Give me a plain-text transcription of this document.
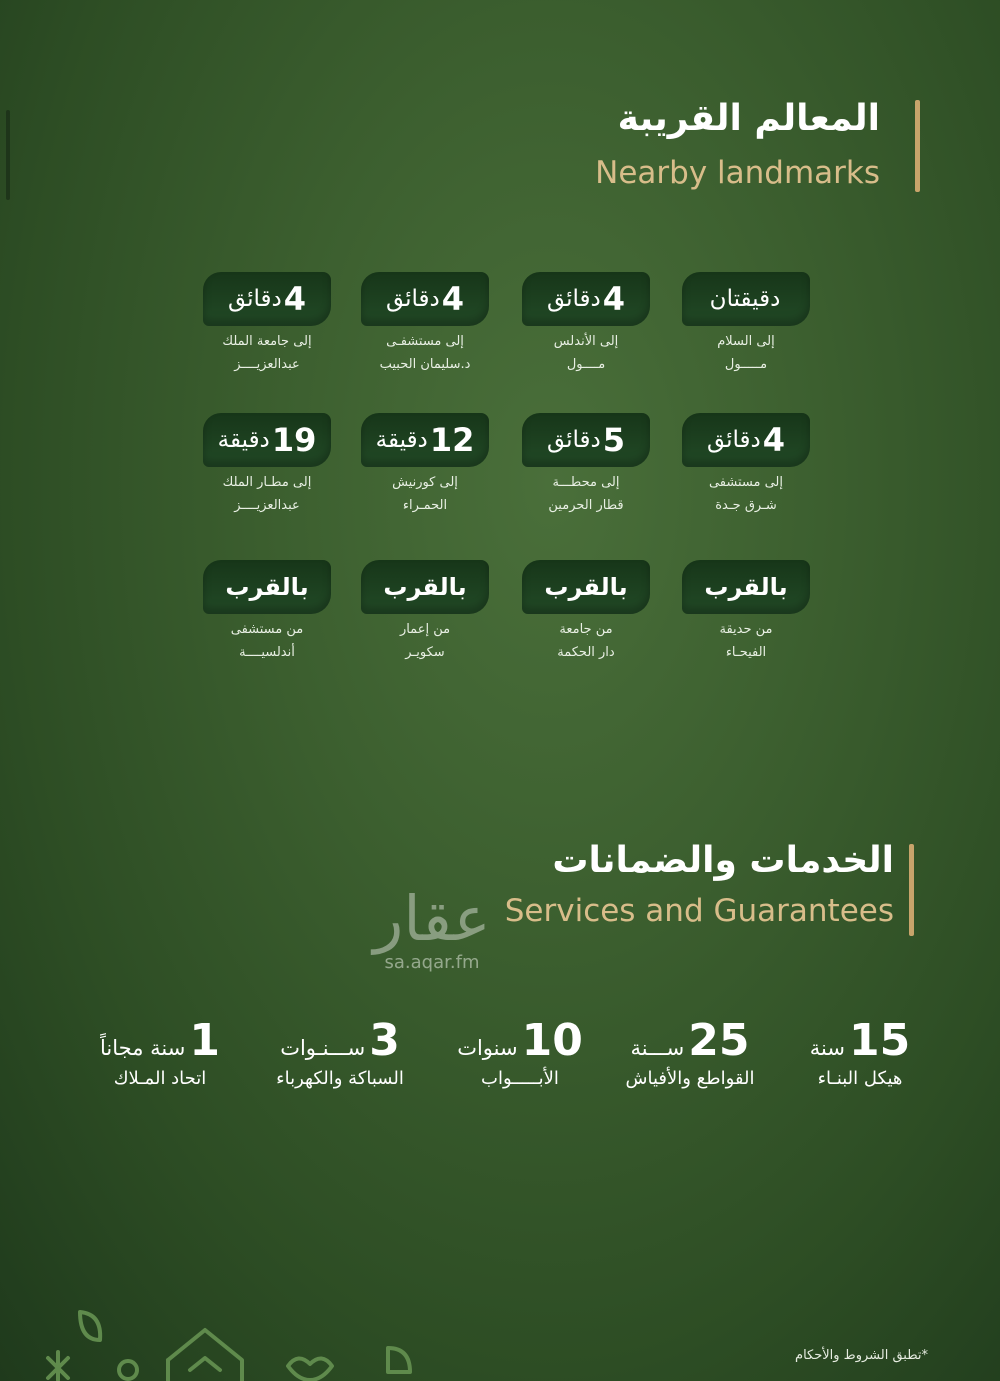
المعالم القريبة
Nearby landmarks
دقيقتان
إلى السلام
مـــــول
4
دقائق
إلى الأندلس
مــــول
4
دقائق
إلى مستشفـى
د.سليمان الحبيب
4
دقائق
إلى جامعة الملك
عبدالعزيــــز
4
دقائق
إلى مستشفى
شـرق جـدة
5
دقائق
إلى محطـــة
قطار الحرمين
12
دقيقة
إلى كورنيش
الحمـراء
19
دقيقة
إلى مطـار الملك
عبدالعزيــــز
بالقرب
من حديقة
الفيحـاء
بالقرب
من جامعة
دار الحكمة
بالقرب
من إعمار
سكويـر
بالقرب
من مستشفى
أندلسيــــة
الخدمات والضمانات
Services and Guarantees
عقار
sa.aqar.fm
15سنة
هيكل البنـاء
25ســـنة
القواطع والأفياش
10سنوات
الأبـــــواب
3ســـنـوات
السباكة والكهرباء
1سنة مجاناً
اتحاد المـلاك
*تطبق الشروط والأحكام
